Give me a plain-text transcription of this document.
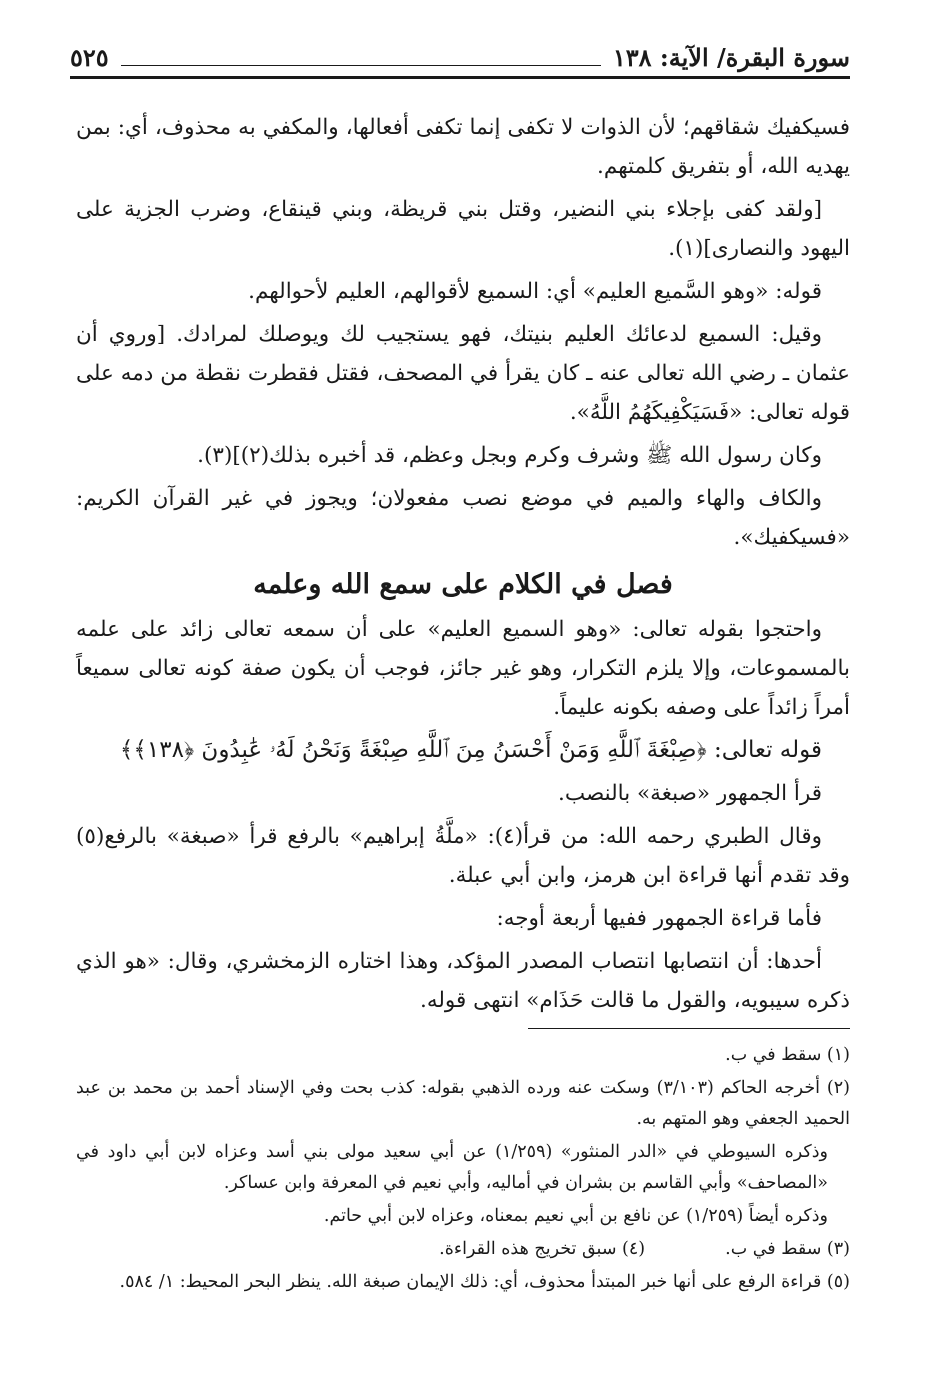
سورة البقرة/ الآية: ١٣٨
٥٢٥

فسيكفيك شقاقهم؛ لأن الذوات لا تكفى إنما تكفى أفعالها، والمكفي به محذوف، أي: بمن يهديه الله، أو بتفريق كلمتهم.

[ولقد كفى بإجلاء بني النضير، وقتل بني قريظة، وبني قينقاع، وضرب الجزية على اليهود والنصارى](١).

قوله: «وهو السَّميع العليم» أي: السميع لأقوالهم، العليم لأحوالهم.

وقيل: السميع لدعائك العليم بنيتك، فهو يستجيب لك ويوصلك لمرادك. [وروي أن عثمان ـ رضي الله تعالى عنه ـ كان يقرأ في المصحف، فقتل فقطرت نقطة من دمه على قوله تعالى: «فَسَيَكْفِيكَهُمُ اللَّهُ».

وكان رسول الله ﷺ وشرف وكرم وبجل وعظم، قد أخبره بذلك(٢)](٣).

والكاف والهاء والميم في موضع نصب مفعولان؛ ويجوز في غير القرآن الكريم: «فسيكفيك».

فصل في الكلام على سمع الله وعلمه

واحتجوا بقوله تعالى: «وهو السميع العليم» على أن سمعه تعالى زائد على علمه بالمسموعات، وإلا يلزم التكرار، وهو غير جائز، فوجب أن يكون صفة كونه تعالى سميعاً أمراً زائداً على وصفه بكونه عليماً.

قوله تعالى: ﴿صِبْغَةَ ٱللَّهِ وَمَنْ أَحْسَنُ مِنَ ٱللَّهِ صِبْغَةً وَنَحْنُ لَهُۥ عَٰبِدُونَ ﴿١٣٨﴾﴾

قرأ الجمهور «صبغة» بالنصب.

وقال الطبري رحمه الله: من قرأ(٤): «ملَّةُ إبراهيم» بالرفع قرأ «صبغة» بالرفع(٥) وقد تقدم أنها قراءة ابن هرمز، وابن أبي عبلة.

فأما قراءة الجمهور ففيها أربعة أوجه:

أحدها: أن انتصابها انتصاب المصدر المؤكد، وهذا اختاره الزمخشري، وقال: «هو الذي ذكره سيبويه، والقول ما قالت حَذَام» انتهى قوله.

(١) سقط في ب.

(٢) أخرجه الحاكم (٣/١٠٣) وسكت عنه ورده الذهبي بقوله: كذب بحت وفي الإسناد أحمد بن محمد بن عبد الحميد الجعفي وهو المتهم به.

وذكره السيوطي في «الدر المنثور» (١/٢٥٩) عن أبي سعيد مولى بني أسد وعزاه لابن أبي داود في «المصاحف» وأبي القاسم بن بشران في أماليه، وأبي نعيم في المعرفة وابن عساكر.

وذكره أيضاً (١/٢٥٩) عن نافع بن أبي نعيم بمعناه، وعزاه لابن أبي حاتم.

(٣) سقط في ب.

(٤) سبق تخريج هذه القراءة.

(٥) قراءة الرفع على أنها خبر المبتدأ محذوف، أي: ذلك الإيمان صبغة الله. ينظر البحر المحيط: ١/ ٥٨٤.
